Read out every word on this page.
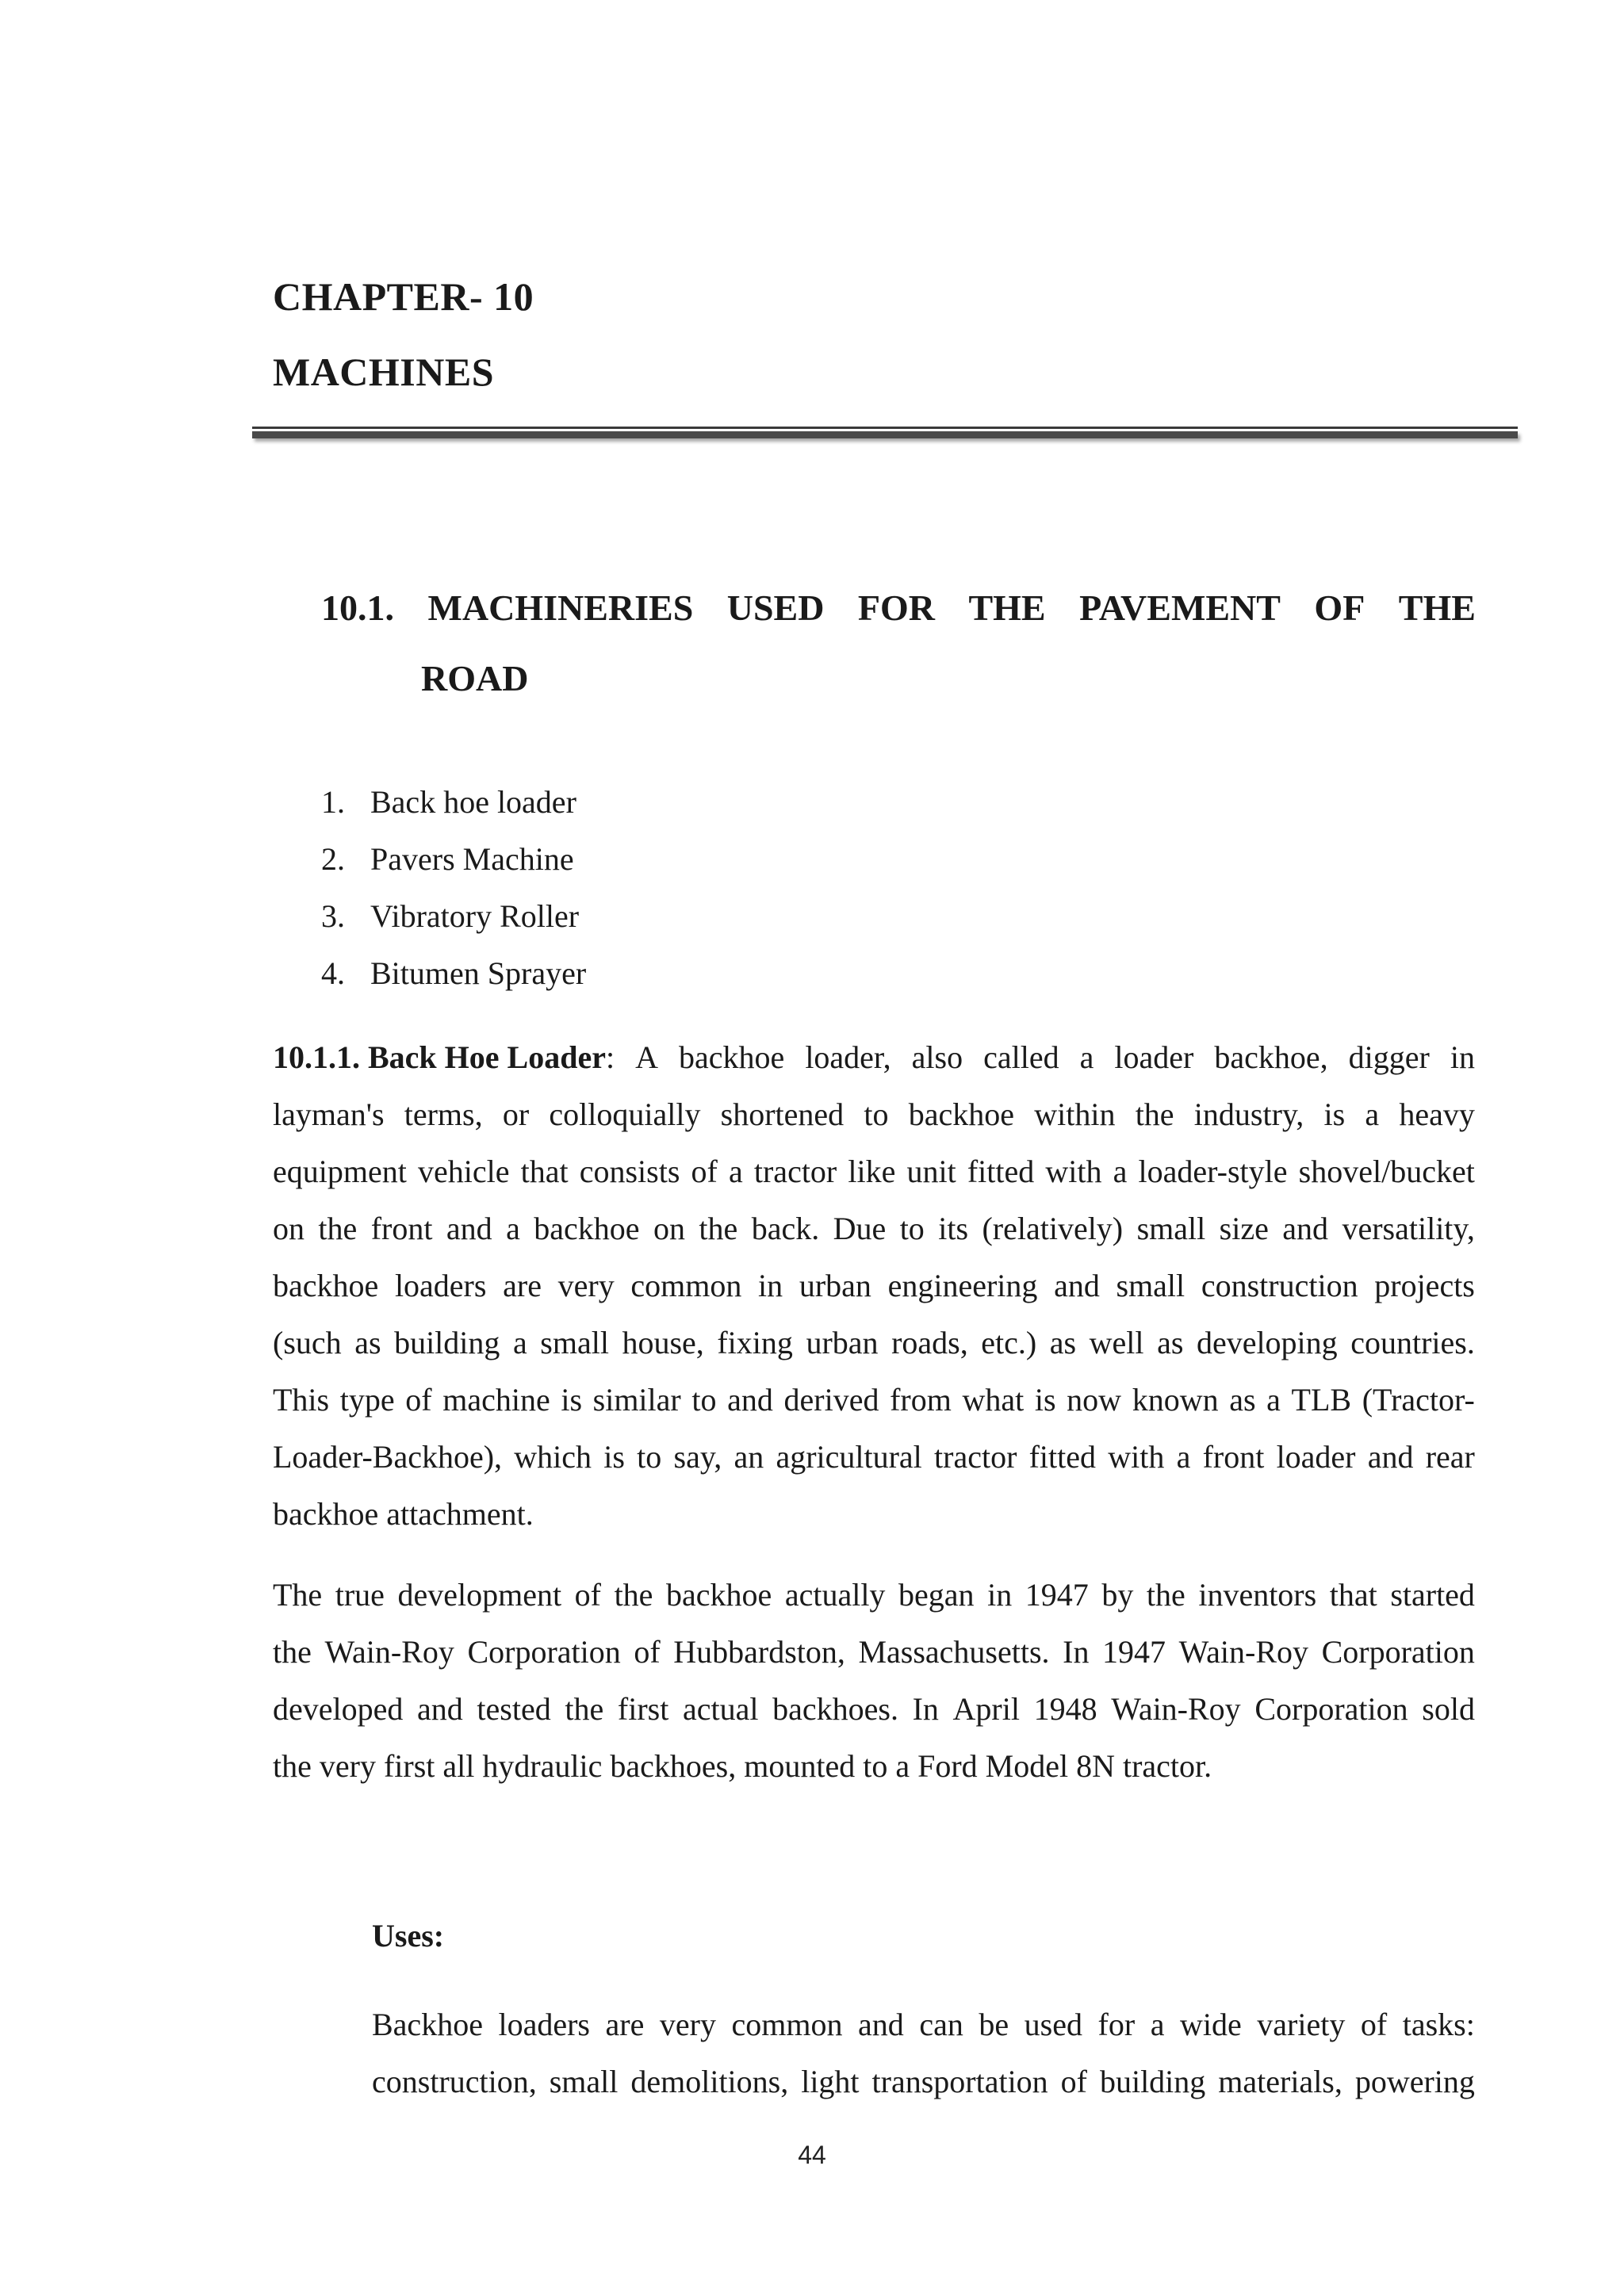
CHAPTER- 10
MACHINES
10.1. MACHINERIES USED FOR THE PAVEMENT OF THE
ROAD
1. Back hoe loader
2. Pavers Machine
3. Vibratory Roller
4. Bitumen Sprayer
10.1.1. Back Hoe Loader : A backhoe loader, also called a loader backhoe, digger in
layman's terms, or colloquially shortened to backhoe within the industry, is a heavy
equipment vehicle that consists of a tractor like unit fitted with a loader-style shovel/bucket
on the front and a backhoe on the back. Due to its (relatively) small size and versatility,
backhoe loaders are very common in urban engineering and small construction projects
(such as building a small house, fixing urban roads, etc.) as well as developing countries.
This type of machine is similar to and derived from what is now known as a TLB (Tractor-
Loader-Backhoe), which is to say, an agricultural tractor fitted with a front loader and rear
backhoe attachment.
The true development of the backhoe actually began in 1947 by the inventors that started
the Wain-Roy Corporation of Hubbardston, Massachusetts. In 1947 Wain-Roy Corporation
developed and tested the first actual backhoes. In April 1948 Wain-Roy Corporation sold
the very first all hydraulic backhoes, mounted to a Ford Model 8N tractor.
Uses:
Backhoe loaders are very common and can be used for a wide variety of tasks:
construction, small demolitions, light transportation of building materials, powering
44
